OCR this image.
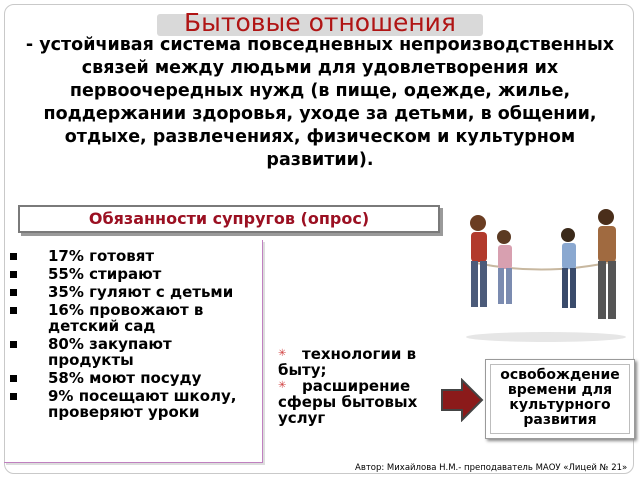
Бытовые отношения
- устойчивая система повседневных непроизводственных связей между людьми для удовлетворения их первоочередных нужд (в пище, одежде, жилье, поддержании здоровья, уходе за детьми, в общении, отдыхе, развлечениях, физическом и культурном развитии).
Обязанности супругов (опрос)
17% готовят
55% стирают
35% гуляют с детьми
16% провожают в детский сад
80% закупают продукты
58% моют посуду
9% посещают школу, проверяют уроки
✳ технологии в быту;
✳ расширение сферы бытовых услуг
освобождение времени для культурного развития
Автор: Михайлова Н.М.- преподаватель МАОУ «Лицей № 21»
